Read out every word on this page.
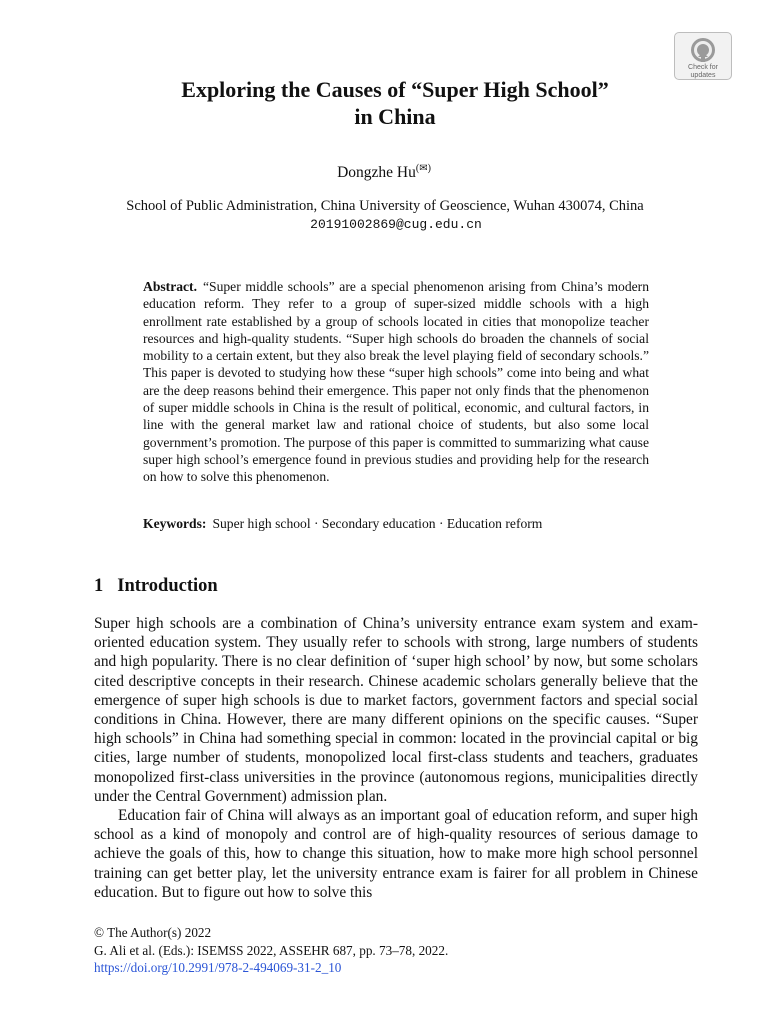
Check for
updates
Exploring the Causes of “Super High School”
in China
Dongzhe Hu(✉)
School of Public Administration, China University of Geoscience, Wuhan 430074, China
20191002869@cug.edu.cn
Abstract. “Super middle schools” are a special phenomenon arising from China’s modern education reform. They refer to a group of super-sized middle schools with a high enrollment rate established by a group of schools located in cities that monopolize teacher resources and high-quality students. “Super high schools do broaden the channels of social mobility to a certain extent, but they also break the level playing field of secondary schools.” This paper is devoted to studying how these “super high schools” come into being and what are the deep reasons behind their emergence. This paper not only finds that the phenomenon of super middle schools in China is the result of political, economic, and cultural factors, in line with the general market law and rational choice of students, but also some local government’s promotion. The purpose of this paper is committed to summarizing what cause super high school’s emergence found in previous studies and providing help for the research on how to solve this phenomenon.
Keywords: Super high school · Secondary education · Education reform
1 Introduction

Super high schools are a combination of China’s university entrance exam system and exam-oriented education system. They usually refer to schools with strong, large numbers of students and high popularity. There is no clear definition of ‘super high school’ by now, but some scholars cited descriptive concepts in their research. Chinese academic scholars generally believe that the emergence of super high schools is due to market factors, government factors and special social conditions in China. However, there are many different opinions on the specific causes. “Super high schools” in China had something special in common: located in the provincial capital or big cities, large number of students, monopolized local first-class students and teachers, graduates monopolized first-class universities in the province (autonomous regions, municipalities directly under the Central Government) admission plan.

Education fair of China will always as an important goal of education reform, and super high school as a kind of monopoly and control are of high-quality resources of serious damage to achieve the goals of this, how to change this situation, how to make more high school personnel training can get better play, let the university entrance exam is fairer for all problem in Chinese education. But to figure out how to solve this

© The Author(s) 2022
G. Ali et al. (Eds.): ISEMSS 2022, ASSEHR 687, pp. 73–78, 2022.
https://doi.org/10.2991/978-2-494069-31-2_10
